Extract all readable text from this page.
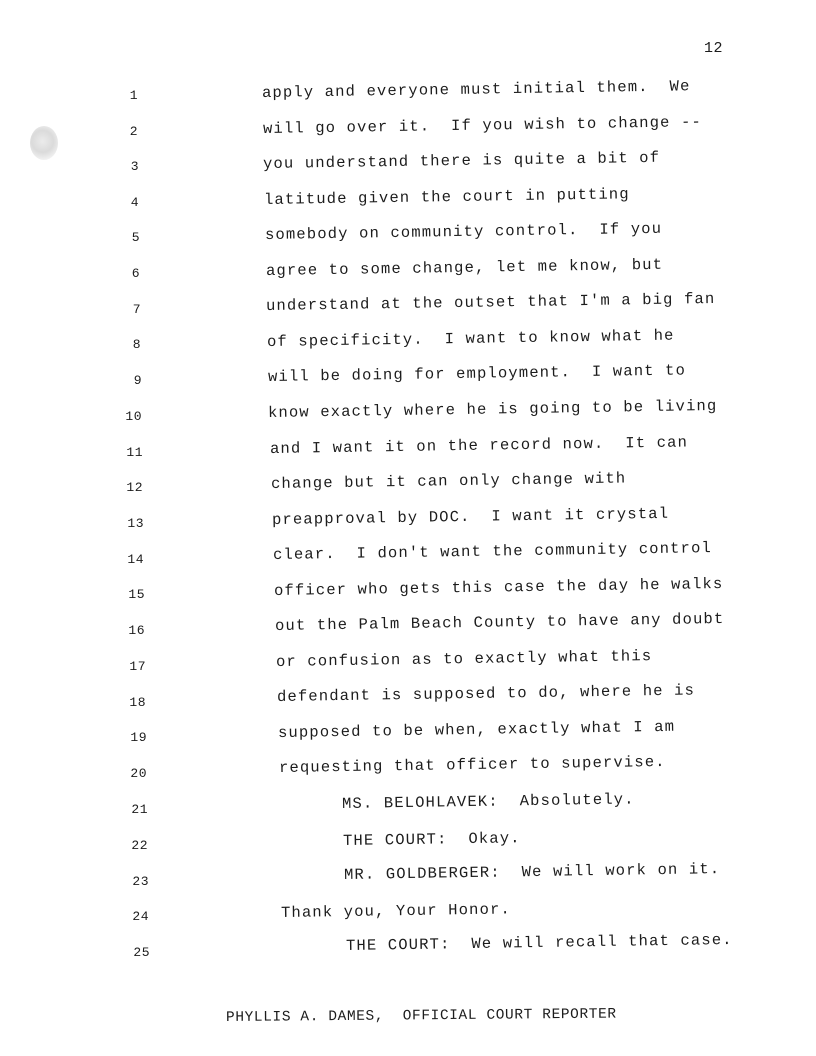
12
1	apply and everyone must initial them.  We
2	will go over it.  If you wish to change --
3	you understand there is quite a bit of
4	latitude given the court in putting
5	somebody on community control.  If you
6	agree to some change, let me know, but
7	understand at the outset that I'm a big fan
8	of specificity.  I want to know what he
9	will be doing for employment.  I want to
10	know exactly where he is going to be living
11	and I want it on the record now.  It can
12	change but it can only change with
13	preapproval by DOC.  I want it crystal
14	clear.  I don't want the community control
15	officer who gets this case the day he walks
16	out the Palm Beach County to have any doubt
17	or confusion as to exactly what this
18	defendant is supposed to do, where he is
19	supposed to be when, exactly what I am
20	requesting that officer to supervise.
21	MS. BELOHLAVEK:  Absolutely.
22	THE COURT:  Okay.
23	MR. GOLDBERGER:  We will work on it.
24	Thank you, Your Honor.
25	THE COURT:  We will recall that case.
PHYLLIS A. DAMES,  OFFICIAL COURT REPORTER
